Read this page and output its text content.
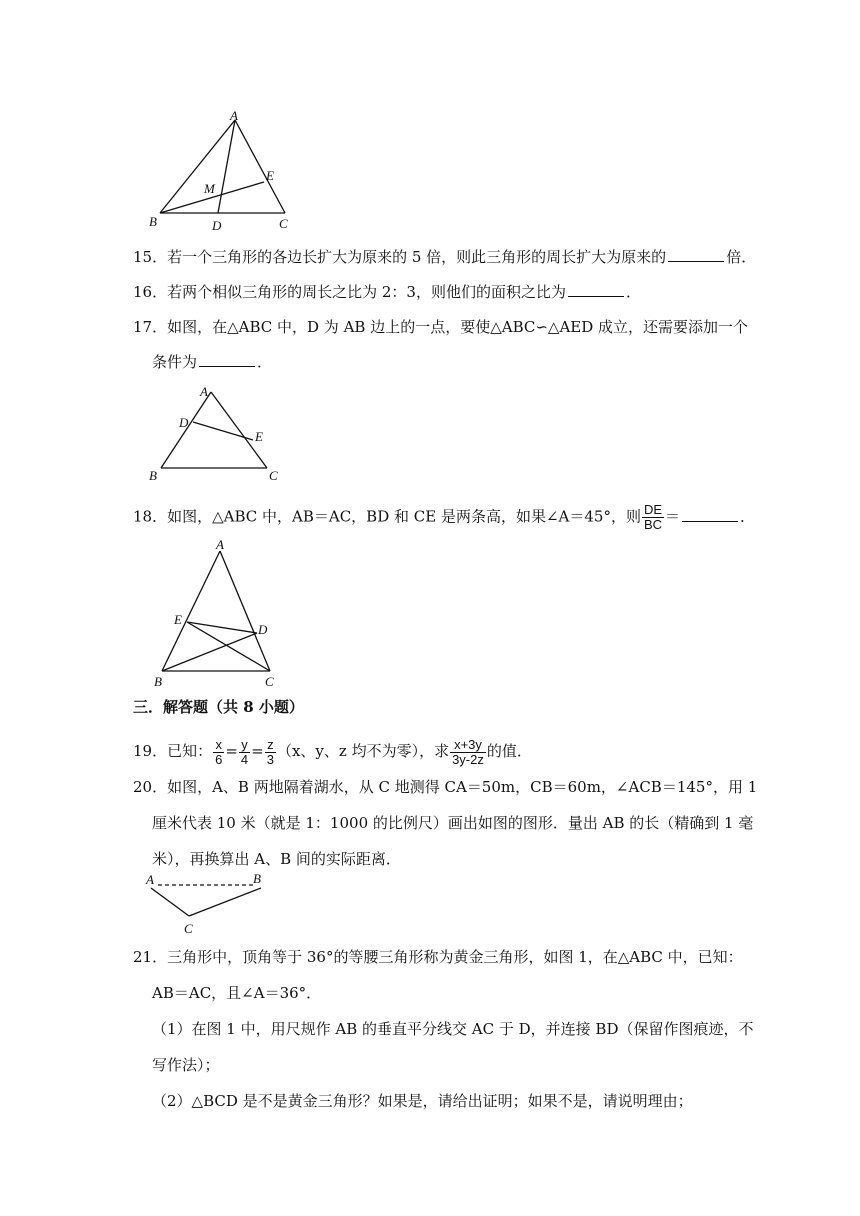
A
M
E
B	D	C
15．若一个三角形的各边长扩大为原来的 5 倍，则此三角形的周长扩大为原来的	倍．
16．若两个相似三角形的周长之比为 2：3，则他们的面积之比为	．
17．如图，在△ABC 中，D 为 AB 边上的一点，要使△ABC∽△AED 成立，还需要添加一个
条件为	．
A
D
E
B	C
18．如图，△ABC 中，AB＝AC，BD 和 CE 是两条高，如果∠A＝45°，则 $\frac{DE}{BC}$ ＝	．
A
E
D
B	C
三．解答题（共 8 小题）
19．已知： $\frac{x}{6} = \frac{y}{4} = \frac{z}{3} (x$、y、z 均不为零），求 $\frac{x+3y}{3y-2z}$ 的值．
20．如图，A、B 两地隔着湖水，从 C 地测得 CA＝50m，CB＝60m，∠ACB＝145°，用 1
厘米代表 10 米（就是 1：1000 的比例尺）画出如图的图形．量出 AB 的长（精确到 1 毫
米），再换算出 A、B 间的实际距离．
A	B
C
21．三角形中，顶角等于 36°的等腰三角形称为黄金三角形，如图 1，在△ABC 中，已知：
AB＝AC，且∠A＝36°．
（1）在图 1 中，用尺规作 AB 的垂直平分线交 AC 于 D，并连接 BD（保留作图痕迹，不
写作法）；
（2）△BCD 是不是黄金三角形？如果是，请给出证明；如果不是，请说明理由；
